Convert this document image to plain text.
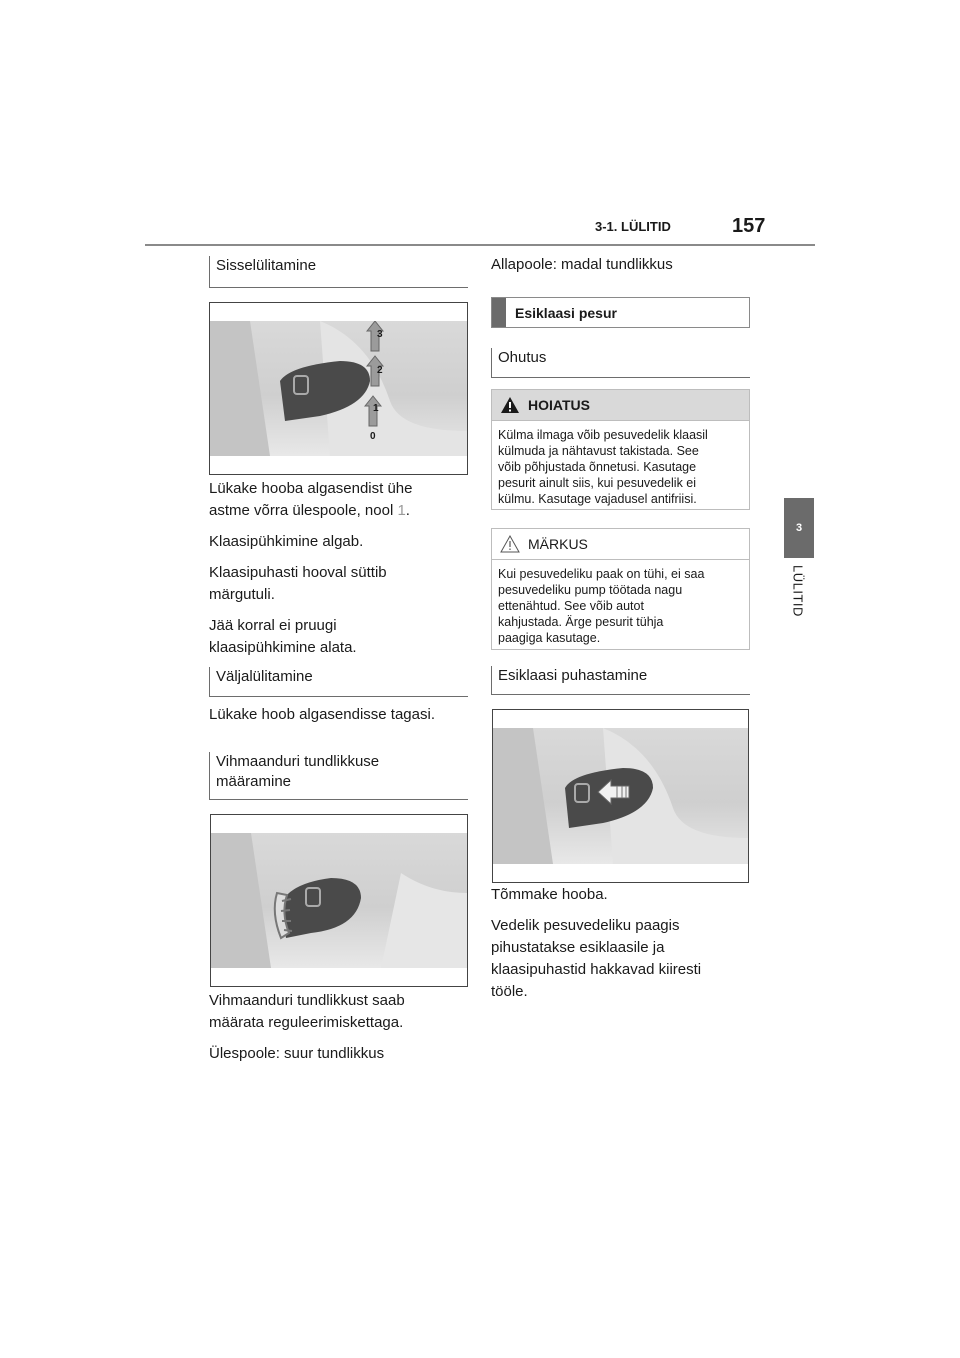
3-1. LÜLITID	157
3
LÜLITID
Sisselülitamine
3
2
1
0
Lükake hooba algasendist ühe
astme võrra ülespoole, nool 1.
Klaasipühkimine algab.
Klaasipuhasti hooval süttib
märgutuli.
Jää korral ei pruugi
klaasipühkimine alata.
Väljalülitamine
Lükake hoob algasendisse tagasi.
Vihmaanduri tundlikkuse
määramine
Vihmaanduri tundlikkust saab
määrata reguleerimiskettaga.
Ülespoole: suur tundlikkus
Allapoole: madal tundlikkus
Esiklaasi pesur
Ohutus
HOIATUS
Külma ilmaga võib pesuvedelik klaasil
külmuda ja nähtavust takistada. See
võib põhjustada õnnetusi. Kasutage
pesurit ainult siis, kui pesuvedelik ei
külmu. Kasutage vajadusel antifriisi.
MÄRKUS
Kui pesuvedeliku paak on tühi, ei saa
pesuvedeliku pump töötada nagu
ettenähtud. See võib autot
kahjustada. Ärge pesurit tühja
paagiga kasutage.
Esiklaasi puhastamine
Tõmmake hooba.
Vedelik pesuvedeliku paagis
pihustatakse esiklaasile ja
klaasipuhastid hakkavad kiiresti
tööle.
